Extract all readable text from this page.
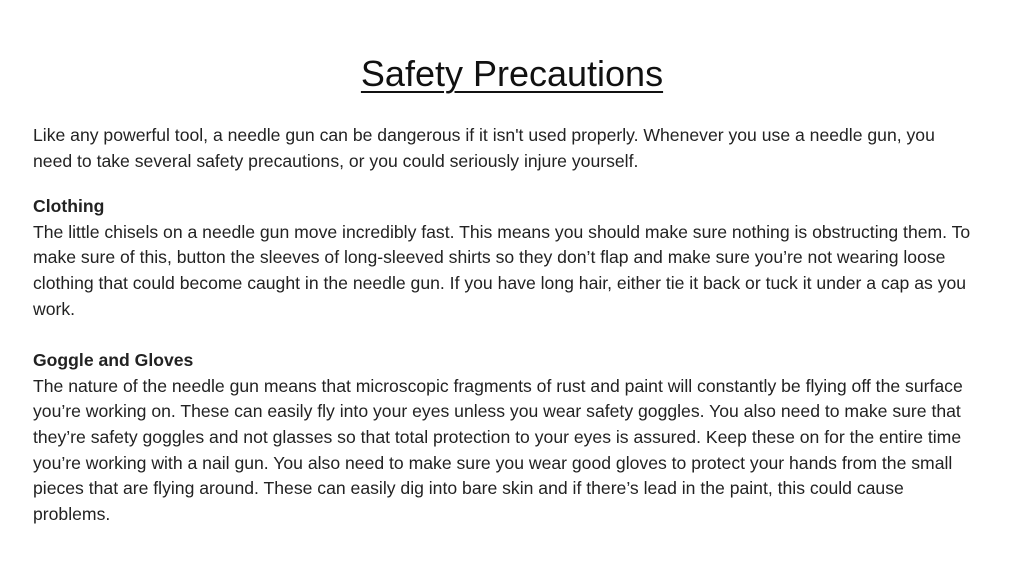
Safety Precautions

Like any powerful tool, a needle gun can be dangerous if it isn't used properly. Whenever you use a needle gun, you need to take several safety precautions, or you could seriously injure yourself.

Clothing
The little chisels on a needle gun move incredibly fast. This means you should make sure nothing is obstructing them. To make sure of this, button the sleeves of long-sleeved shirts so they don’t flap and make sure you’re not wearing loose clothing that could become caught in the needle gun. If you have long hair, either tie it back or tuck it under a cap as you work.
Goggle and Gloves
The nature of the needle gun means that microscopic fragments of rust and paint will constantly be flying off the surface you’re working on. These can easily fly into your eyes unless you wear safety goggles. You also need to make sure that they’re safety goggles and not glasses so that total protection to your eyes is assured. Keep these on for the entire time you’re working with a nail gun. You also need to make sure you wear good gloves to protect your hands from the small pieces that are flying around. These can easily dig into bare skin and if there’s lead in the paint, this could cause problems.
